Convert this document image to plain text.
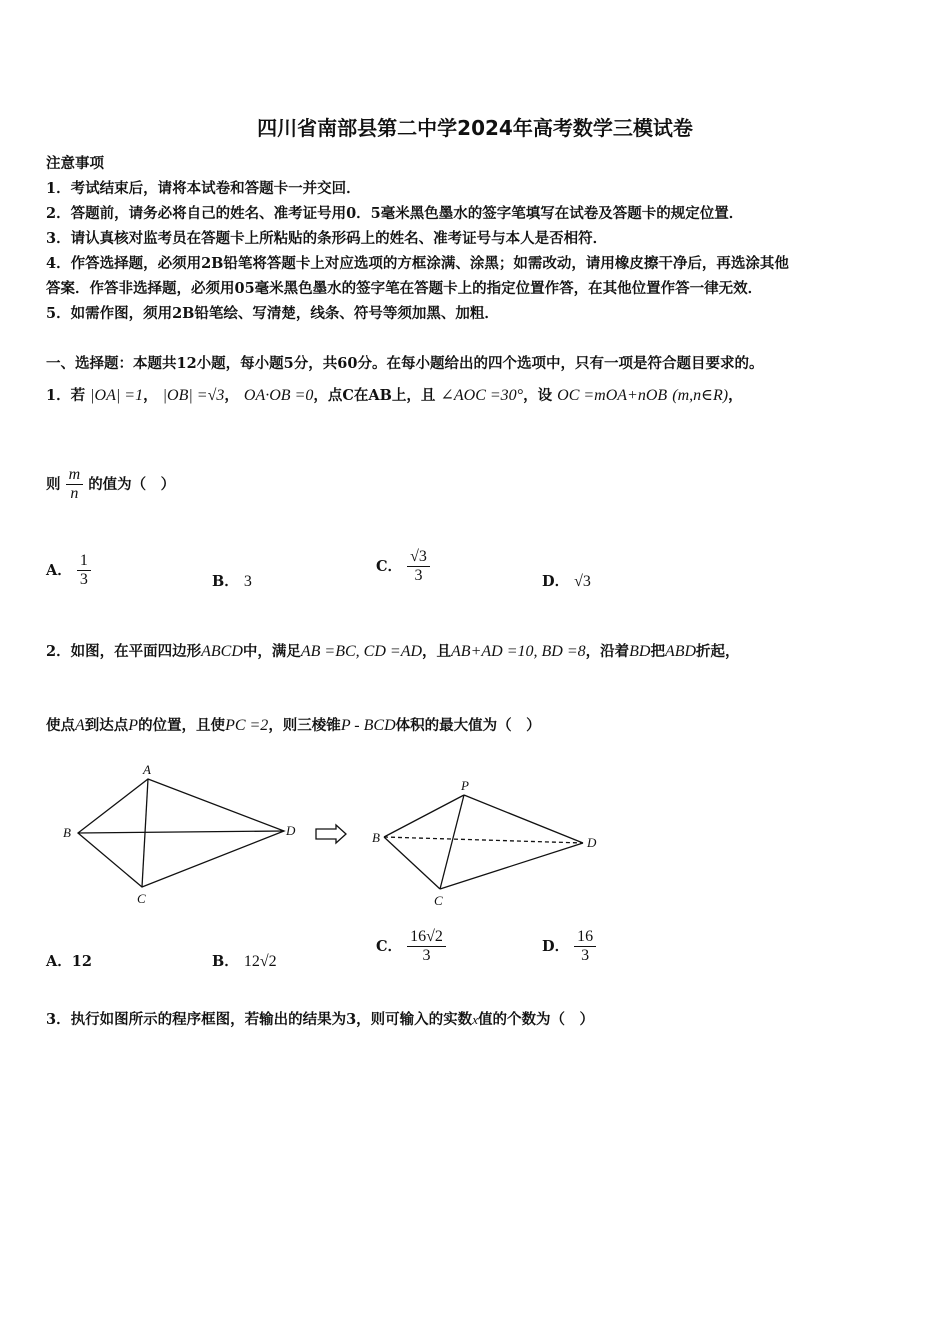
四川省南部县第二中学2024年高考数学三模试卷
注意事项
1．考试结束后，请将本试卷和答题卡一并交回．
2．答题前，请务必将自己的姓名、准考证号用0．5毫米黑色墨水的签字笔填写在试卷及答题卡的规定位置．
3．请认真核对监考员在答题卡上所粘贴的条形码上的姓名、准考证号与本人是否相符．
4．作答选择题，必须用2B铅笔将答题卡上对应选项的方框涂满、涂黑；如需改动，请用橡皮擦干净后，再选涂其他
答案．作答非选择题，必须用05毫米黑色墨水的签字笔在答题卡上的指定位置作答，在其他位置作答一律无效．
5．如需作图，须用2B铅笔绘、写清楚，线条、符号等须加黑、加粗．
一、选择题：本题共12小题，每小题5分，共60分。在每小题给出的四个选项中，只有一项是符合题目要求的。
1．若 |OA| =1， |OB| =√3， OA·OB =0，点C在AB上，且 ∠AOC =30°，设 OC =mOA+nOB (m,n∈R)，
则 $\frac{m}{n}$ 的值为（　）
A． $\frac{1}{3}$	B． 3
C． $\frac{√3}{3}$	D． √3
2．如图，在平面四边形ABCD中，满足AB =BC, CD =AD，且AB+AD =10, BD =8，沿着BD把ABD折起，
使点A到达点P的位置，且使PC =2，则三棱锥P - BCD体积的最大值为（　）
A
B
C
D
P
B
C
D
A．12	B． 12√2
C． $\frac{16√2}{3}$	D． $\frac{16}{3}$
3．执行如图所示的程序框图，若输出的结果为3，则可输入的实数x值的个数为（　）
